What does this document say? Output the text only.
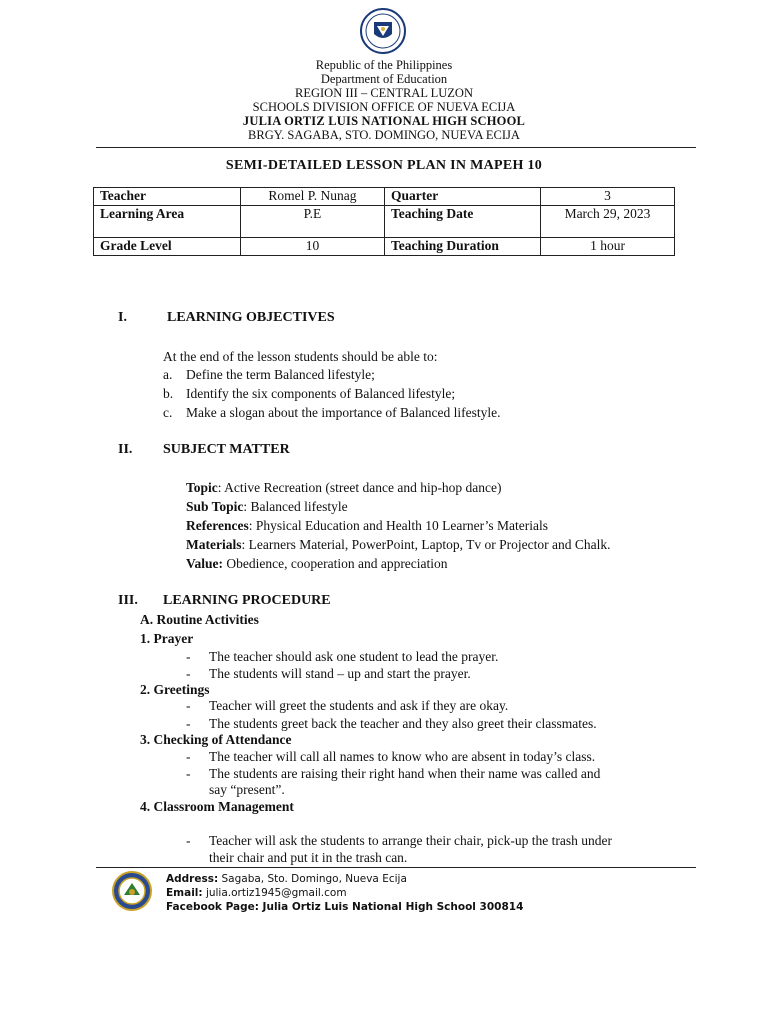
Republic of the Philippines
Department of Education
REGION III – CENTRAL LUZON
SCHOOLS DIVISION OFFICE OF NUEVA ECIJA
JULIA ORTIZ LUIS NATIONAL HIGH SCHOOL
BRGY. SAGABA, STO. DOMINGO, NUEVA ECIJA
SEMI-DETAILED LESSON PLAN IN MAPEH 10
Teacher	Romel P. Nunag	Quarter	3
Learning Area	P.E	Teaching Date	March 29, 2023
Grade Level	10	Teaching Duration	1 hour
I.	LEARNING OBJECTIVES
At the end of the lesson students should be able to:
a. Define the term Balanced lifestyle;
b. Identify the six components of Balanced lifestyle;
c. Make a slogan about the importance of Balanced lifestyle.
II. SUBJECT MATTER
Topic: Active Recreation (street dance and hip-hop dance)
Sub Topic: Balanced lifestyle
References: Physical Education and Health 10 Learner’s Materials
Materials: Learners Material, PowerPoint, Laptop, Tv or Projector and Chalk.
Value: Obedience, cooperation and appreciation
III. LEARNING PROCEDURE
A. Routine Activities
1. Prayer
- The teacher should ask one student to lead the prayer.
- The students will stand – up and start the prayer.
2. Greetings
- Teacher will greet the students and ask if they are okay.
- The students greet back the teacher and they also greet their classmates.
3. Checking of Attendance
- The teacher will call all names to know who are absent in today’s class.
- The students are raising their right hand when their name was called and
say “present”.
4. Classroom Management
- Teacher will ask the students to arrange their chair, pick-up the trash under
their chair and put it in the trash can.
Address: Sagaba, Sto. Domingo, Nueva Ecija
Email: julia.ortiz1945@gmail.com
Facebook Page: Julia Ortiz Luis National High School 300814
